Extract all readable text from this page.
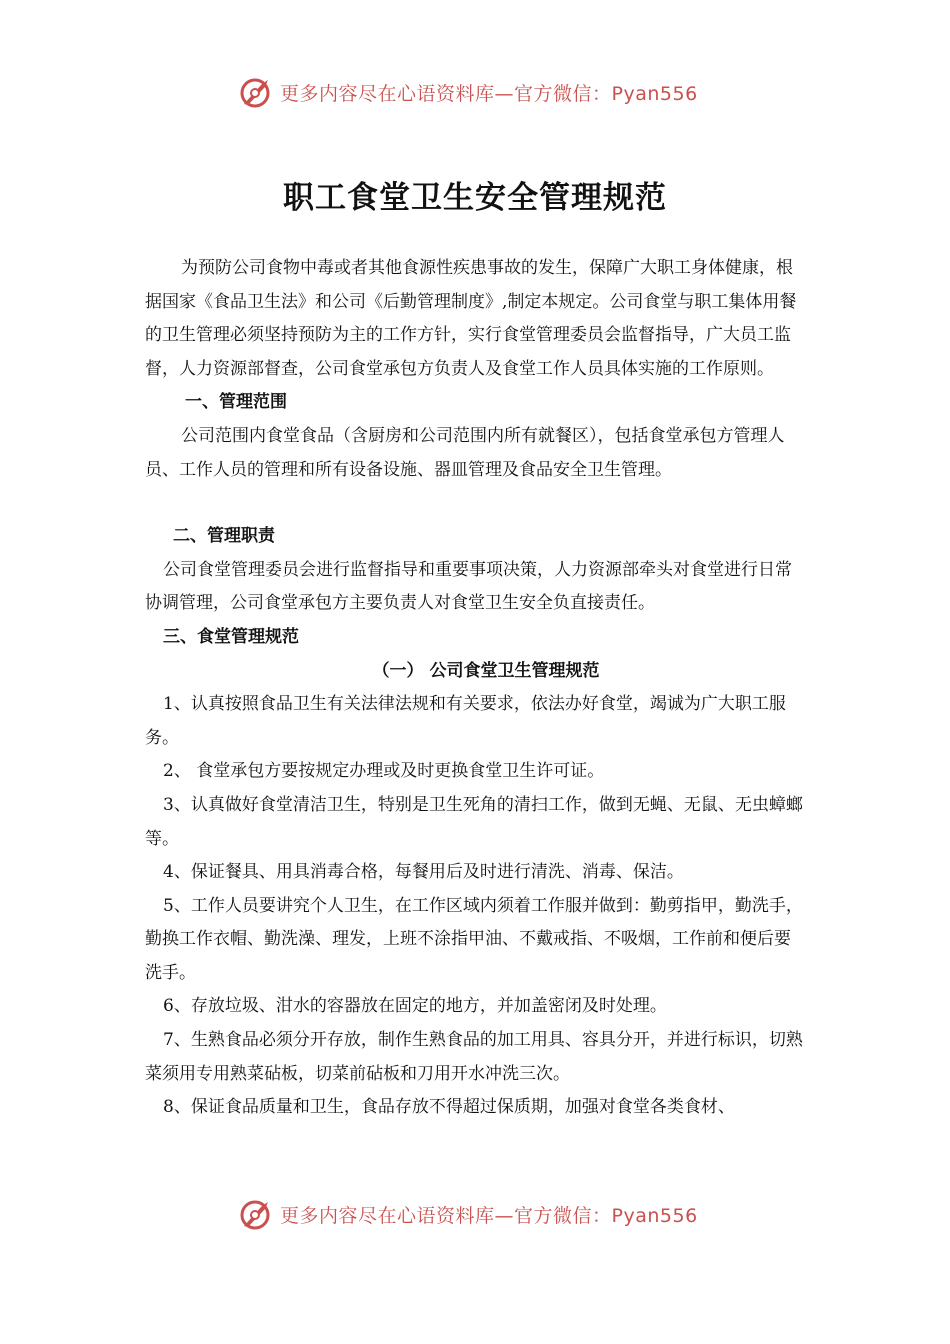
更多内容尽在心语资料库—官方微信：Pyan556
职工食堂卫生安全管理规范

为预防公司食物中毒或者其他食源性疾患事故的发生，保障广大职工身体健康，根据国家《食品卫生法》和公司《后勤管理制度》,制定本规定。公司食堂与职工集体用餐的卫生管理必须坚持预防为主的工作方针，实行食堂管理委员会监督指导，广大员工监督，人力资源部督查，公司食堂承包方负责人及食堂工作人员具体实施的工作原则。

一、管理范围

公司范围内食堂食品（含厨房和公司范围内所有就餐区），包括食堂承包方管理人员、工作人员的管理和所有设备设施、器皿管理及食品安全卫生管理。

二、管理职责

公司食堂管理委员会进行监督指导和重要事项决策，人力资源部牵头对食堂进行日常协调管理，公司食堂承包方主要负责人对食堂卫生安全负直接责任。

三、食堂管理规范

（一） 公司食堂卫生管理规范

1、认真按照食品卫生有关法律法规和有关要求，依法办好食堂，竭诚为广大职工服务。

2、 食堂承包方要按规定办理或及时更换食堂卫生许可证。

3、认真做好食堂清洁卫生，特别是卫生死角的清扫工作，做到无蝇、无鼠、无虫蟑螂等。

4、保证餐具、用具消毒合格，每餐用后及时进行清洗、消毒、保洁。

5、工作人员要讲究个人卫生，在工作区域内须着工作服并做到：勤剪指甲，勤洗手，勤换工作衣帽、勤洗澡、理发，上班不涂指甲油、不戴戒指、不吸烟，工作前和便后要洗手。

6、存放垃圾、泔水的容器放在固定的地方，并加盖密闭及时处理。

7、生熟食品必须分开存放，制作生熟食品的加工用具、容具分开，并进行标识，切熟菜须用专用熟菜砧板，切菜前砧板和刀用开水冲洗三次。

8、保证食品质量和卫生，食品存放不得超过保质期，加强对食堂各类食材、

更多内容尽在心语资料库—官方微信：Pyan556
